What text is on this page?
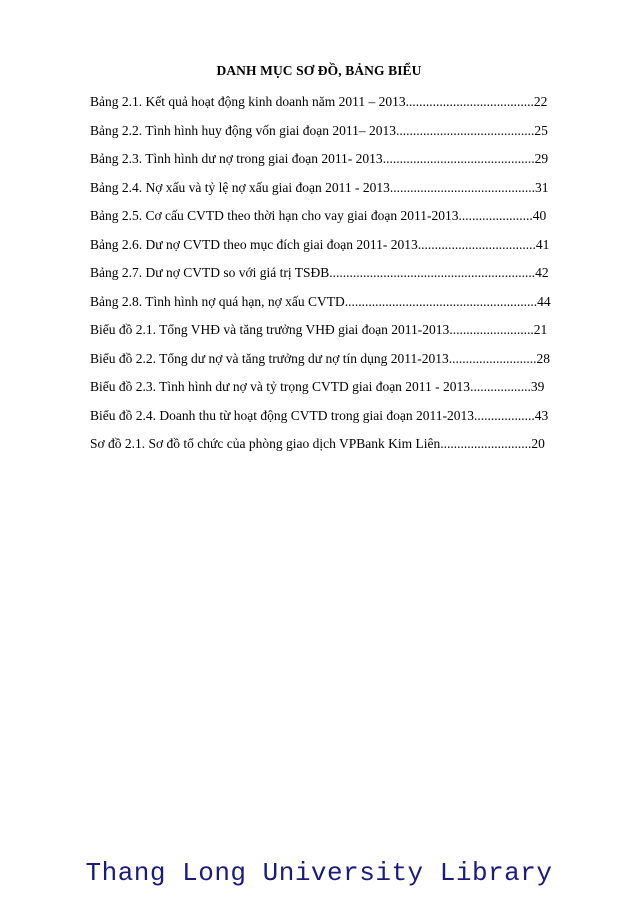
DANH MỤC SƠ ĐỒ, BẢNG BIỂU
Bảng 2.1. Kết quả hoạt động kinh doanh năm 2011 – 2013......................................22
Bảng 2.2. Tình hình huy động vốn giai đoạn 2011– 2013.........................................25
Bảng 2.3. Tình hình dư nợ trong giai đoạn 2011- 2013.............................................29
Bảng 2.4. Nợ xấu và tỷ lệ nợ xấu giai đoạn 2011 - 2013...........................................31
Bảng 2.5. Cơ cấu CVTD theo thời hạn cho vay giai đoạn 2011-2013......................40
Bảng 2.6. Dư nợ CVTD theo mục đích giai đoạn 2011- 2013...................................41
Bảng 2.7. Dư nợ CVTD so với giá trị TSĐB.............................................................42
Bảng 2.8. Tình hình nợ quá hạn, nợ xấu CVTD.........................................................44
Biểu đồ 2.1. Tổng VHĐ và tăng trưởng VHĐ giai đoạn 2011-2013.........................21
Biểu đồ 2.2. Tổng dư nợ và tăng trưởng dư nợ tín dụng 2011-2013..........................28
Biểu đồ 2.3. Tình hình dư nợ và tỷ trọng CVTD giai đoạn 2011 - 2013..................39
Biểu đồ 2.4. Doanh thu từ hoạt động CVTD trong giai đoạn 2011-2013..................43
Sơ đồ 2.1. Sơ đồ tổ chức của phòng giao dịch VPBank Kim Liên...........................20
Thang Long University Library
